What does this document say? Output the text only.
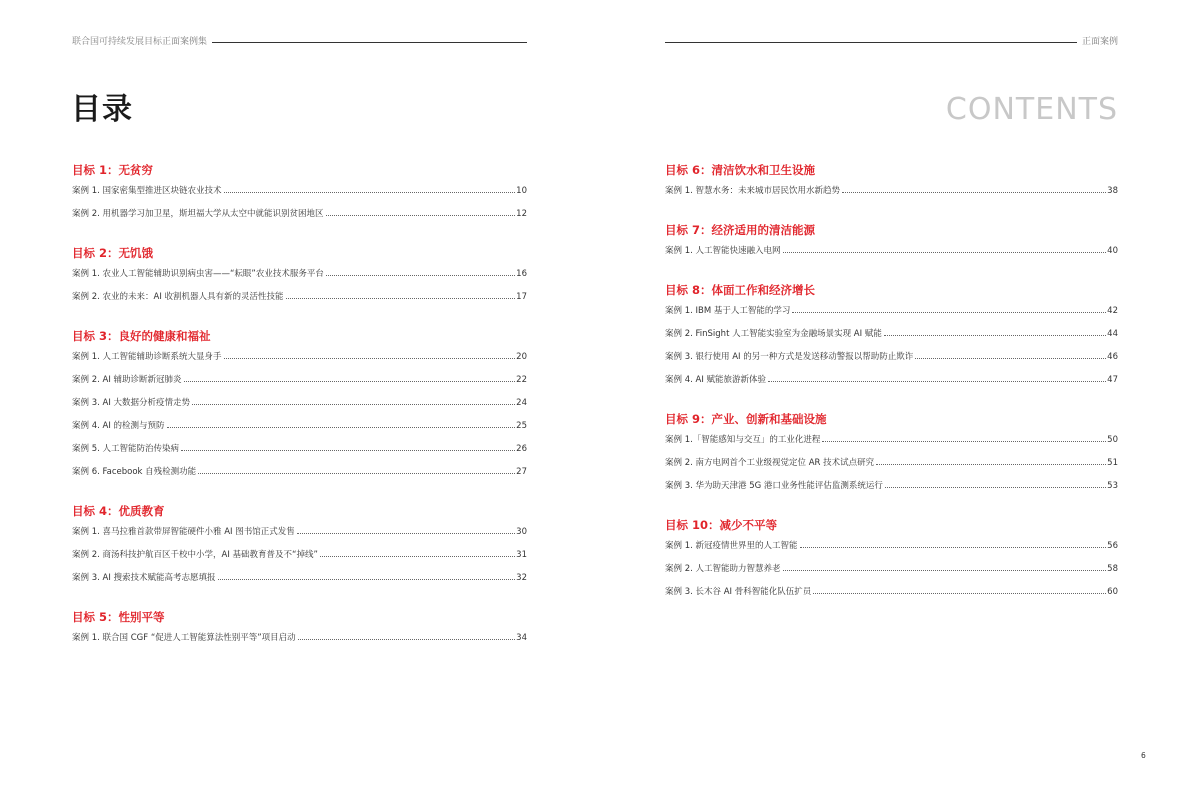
联合国可持续发展目标正面案例集	正面案例
目录	CONTENTS
目标 1：无贫穷
案例 1. 国家密集型推进区块链农业技术	10
案例 2. 用机器学习加卫星，斯坦福大学从太空中就能识别贫困地区	12
目标 2：无饥饿
案例 1. 农业人工智能辅助识别病虫害——“耘眼”农业技术服务平台	16
案例 2. 农业的未来：AI 收割机器人具有新的灵活性技能	17
目标 3：良好的健康和福祉
案例 1. 人工智能辅助诊断系统大显身手	20
案例 2. AI 辅助诊断新冠肺炎	22
案例 3. AI 大数据分析疫情走势	24
案例 4. AI 的检测与预防	25
案例 5. 人工智能防治传染病	26
案例 6. Facebook 自残检测功能	27
目标 4：优质教育
案例 1. 喜马拉雅首款带屏智能硬件小雅 AI 图书馆正式发售	30
案例 2. 商汤科技护航百区千校中小学，AI 基础教育普及不“掉线”	31
案例 3. AI 搜索技术赋能高考志愿填报	32
目标 5：性别平等
案例 1. 联合国 CGF “促进人工智能算法性别平等”项目启动	34
目标 6：清洁饮水和卫生设施
案例 1. 智慧水务：未来城市居民饮用水新趋势	38
目标 7：经济适用的清洁能源
案例 1. 人工智能快速融入电网	40
目标 8：体面工作和经济增长
案例 1. IBM 基于人工智能的学习	42
案例 2. FinSight 人工智能实验室为金融场景实现 AI 赋能	44
案例 3. 银行使用 AI 的另一种方式是发送移动警报以帮助防止欺诈	46
案例 4. AI 赋能旅游新体验	47
目标 9：产业、创新和基础设施
案例 1.「智能感知与交互」的工业化进程	50
案例 2. 南方电网首个工业级视觉定位 AR 技术试点研究	51
案例 3. 华为助天津港 5G 港口业务性能评估监测系统运行	53
目标 10：减少不平等
案例 1. 新冠疫情世界里的人工智能	56
案例 2. 人工智能助力智慧养老	58
案例 3. 长木谷 AI 骨科智能化队伍扩员	60
6
